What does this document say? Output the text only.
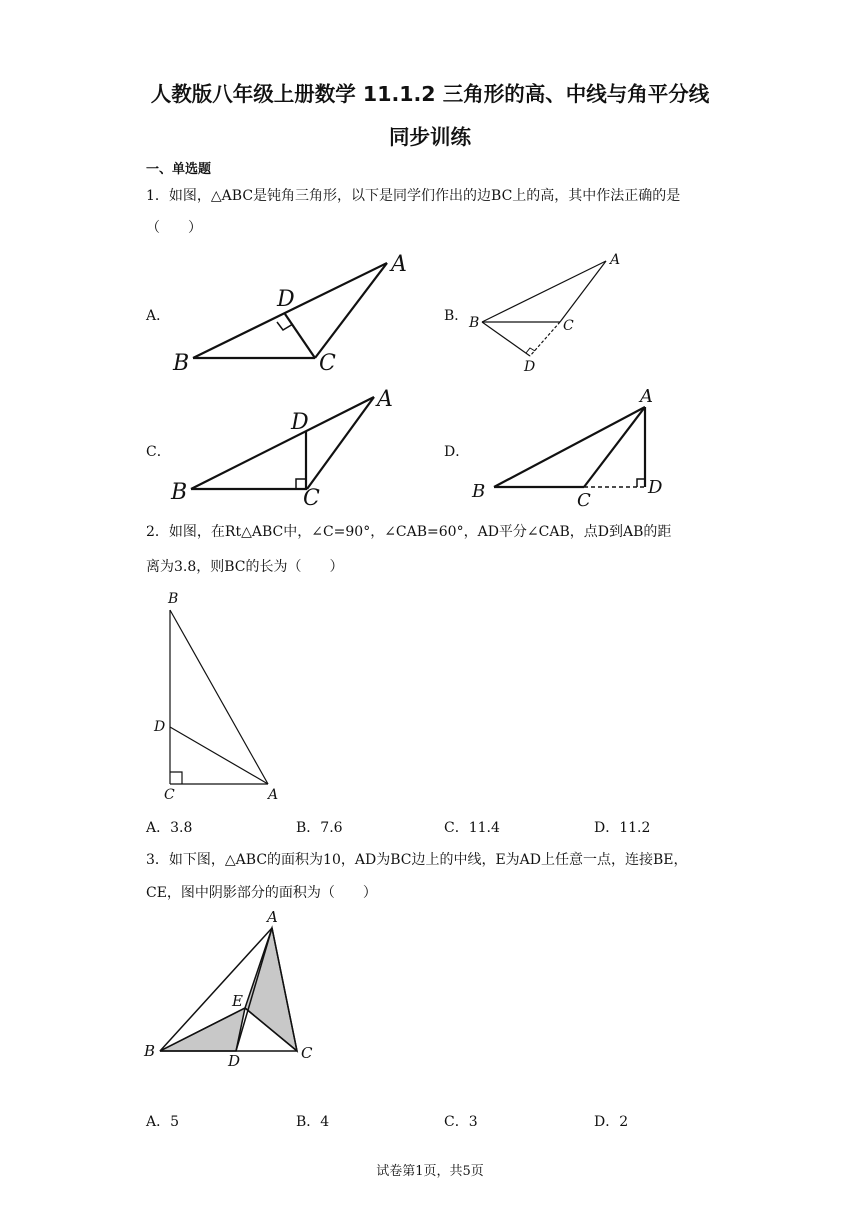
人教版八年级上册数学 11.1.2 三角形的高、中线与角平分线
同步训练
一、单选题
1．如图，△ABC是钝角三角形，以下是同学们作出的边BC上的高，其中作法正确的是
（　　）
A．
A
D
B	C
B．
A
B	C
D
C．
A
D
B	C
D．
A
B	C
D
2．如图，在Rt△ABC中，∠C=90°，∠CAB=60°，AD平分∠CAB，点D到AB的距
离为3.8，则BC的长为（　　）
B
D
C	A
A．3.8	B．7.6	C．11.4	D．11.2
3．如下图，△ABC的面积为10，AD为BC边上的中线，E为AD上任意一点，连接BE，
CE，图中阴影部分的面积为（　　）
A
E
B
D	C
A．5	B．4	C．3	D．2
试卷第1页，共5页
